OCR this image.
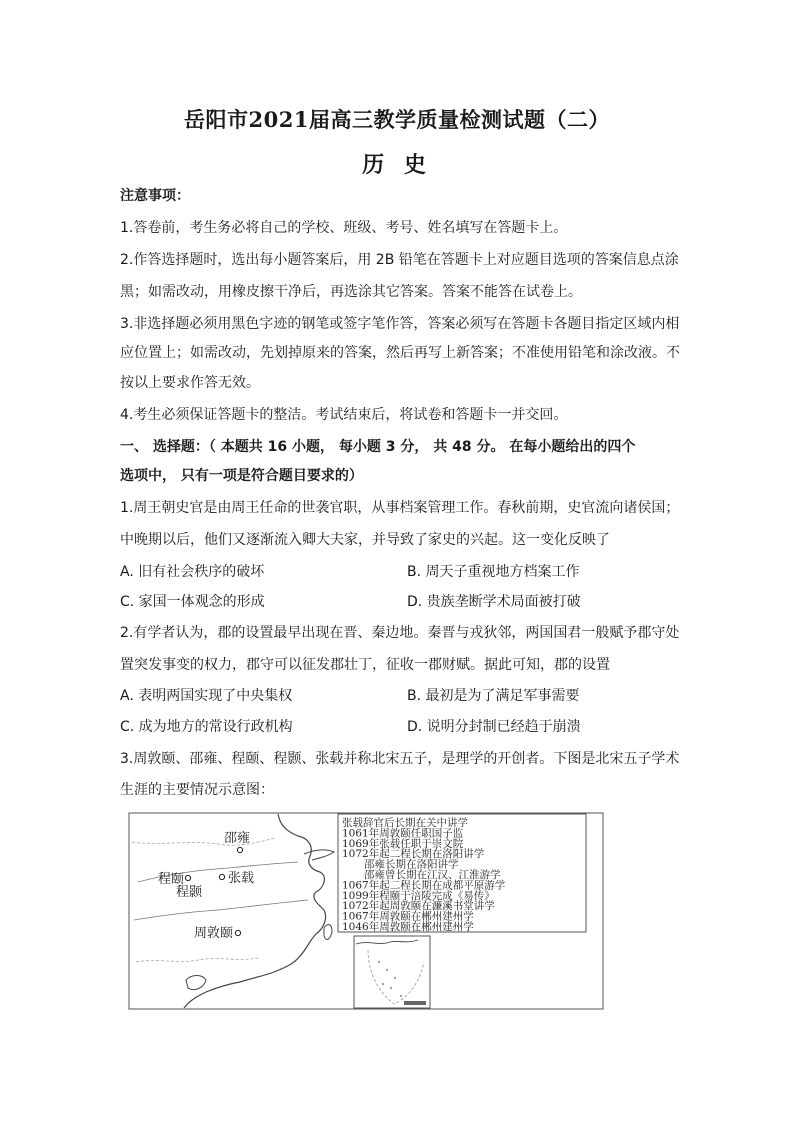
岳阳市2021届高三教学质量检测试题（二）
历 史
注意事项：
1.答卷前，考生务必将自己的学校、班级、考号、姓名填写在答题卡上。
2.作答选择题时，选出每小题答案后，用 2B 铅笔在答题卡上对应题目选项的答案信息点涂
黑；如需改动，用橡皮擦干净后，再选涂其它答案。答案不能答在试卷上。
3.非选择题必须用黑色字迹的钢笔或签字笔作答，答案必须写在答题卡各题目指定区域内相
应位置上；如需改动，先划掉原来的答案，然后再写上新答案；不准使用铅笔和涂改液。不
按以上要求作答无效。
4.考生必须保证答题卡的整洁。考试结束后，将试卷和答题卡一并交回。
一、 选择题：（ 本题共 16 小题， 每小题 3 分， 共 48 分。 在每小题给出的四个
选项中， 只有一项是符合题目要求的）
1.周王朝史官是由周王任命的世袭官职，从事档案管理工作。春秋前期，史官流向诸侯国；
中晚期以后，他们又逐渐流入卿大夫家，并导致了家史的兴起。这一变化反映了
A. 旧有社会秩序的破坏	B. 周天子重视地方档案工作
C. 家国一体观念的形成	D. 贵族垄断学术局面被打破
2.有学者认为，郡的设置最早出现在晋、秦边地。秦晋与戎狄邻，两国国君一般赋予郡守处
置突发事变的权力，郡守可以征发郡壮丁，征收一郡财赋。据此可知，郡的设置
A. 表明两国实现了中央集权	B. 最初是为了满足军事需要
C. 成为地方的常设行政机构	D. 说明分封制已经趋于崩溃
3.周敦颐、邵雍、程颐、程颢、张载并称北宋五子，是理学的开创者。下图是北宋五子学术
生涯的主要情况示意图：
邵雍
程颐
程颢
张载
周敦颐
张载辞官后长期在关中讲学
1061年周敦颐任职国子监
1069年张载任职于崇文院
1072年起二程长期在洛阳讲学
邵雍长期在洛阳讲学
邵雍曾长期在江汉、江淮游学
1067年起二程长期在成都平原游学
1099年程颐于涪陵完成《易传》
1072年起周敦颐在濂溪书堂讲学
1067年周敦颐在郴州建州学
1046年周敦颐在郴州建州学
